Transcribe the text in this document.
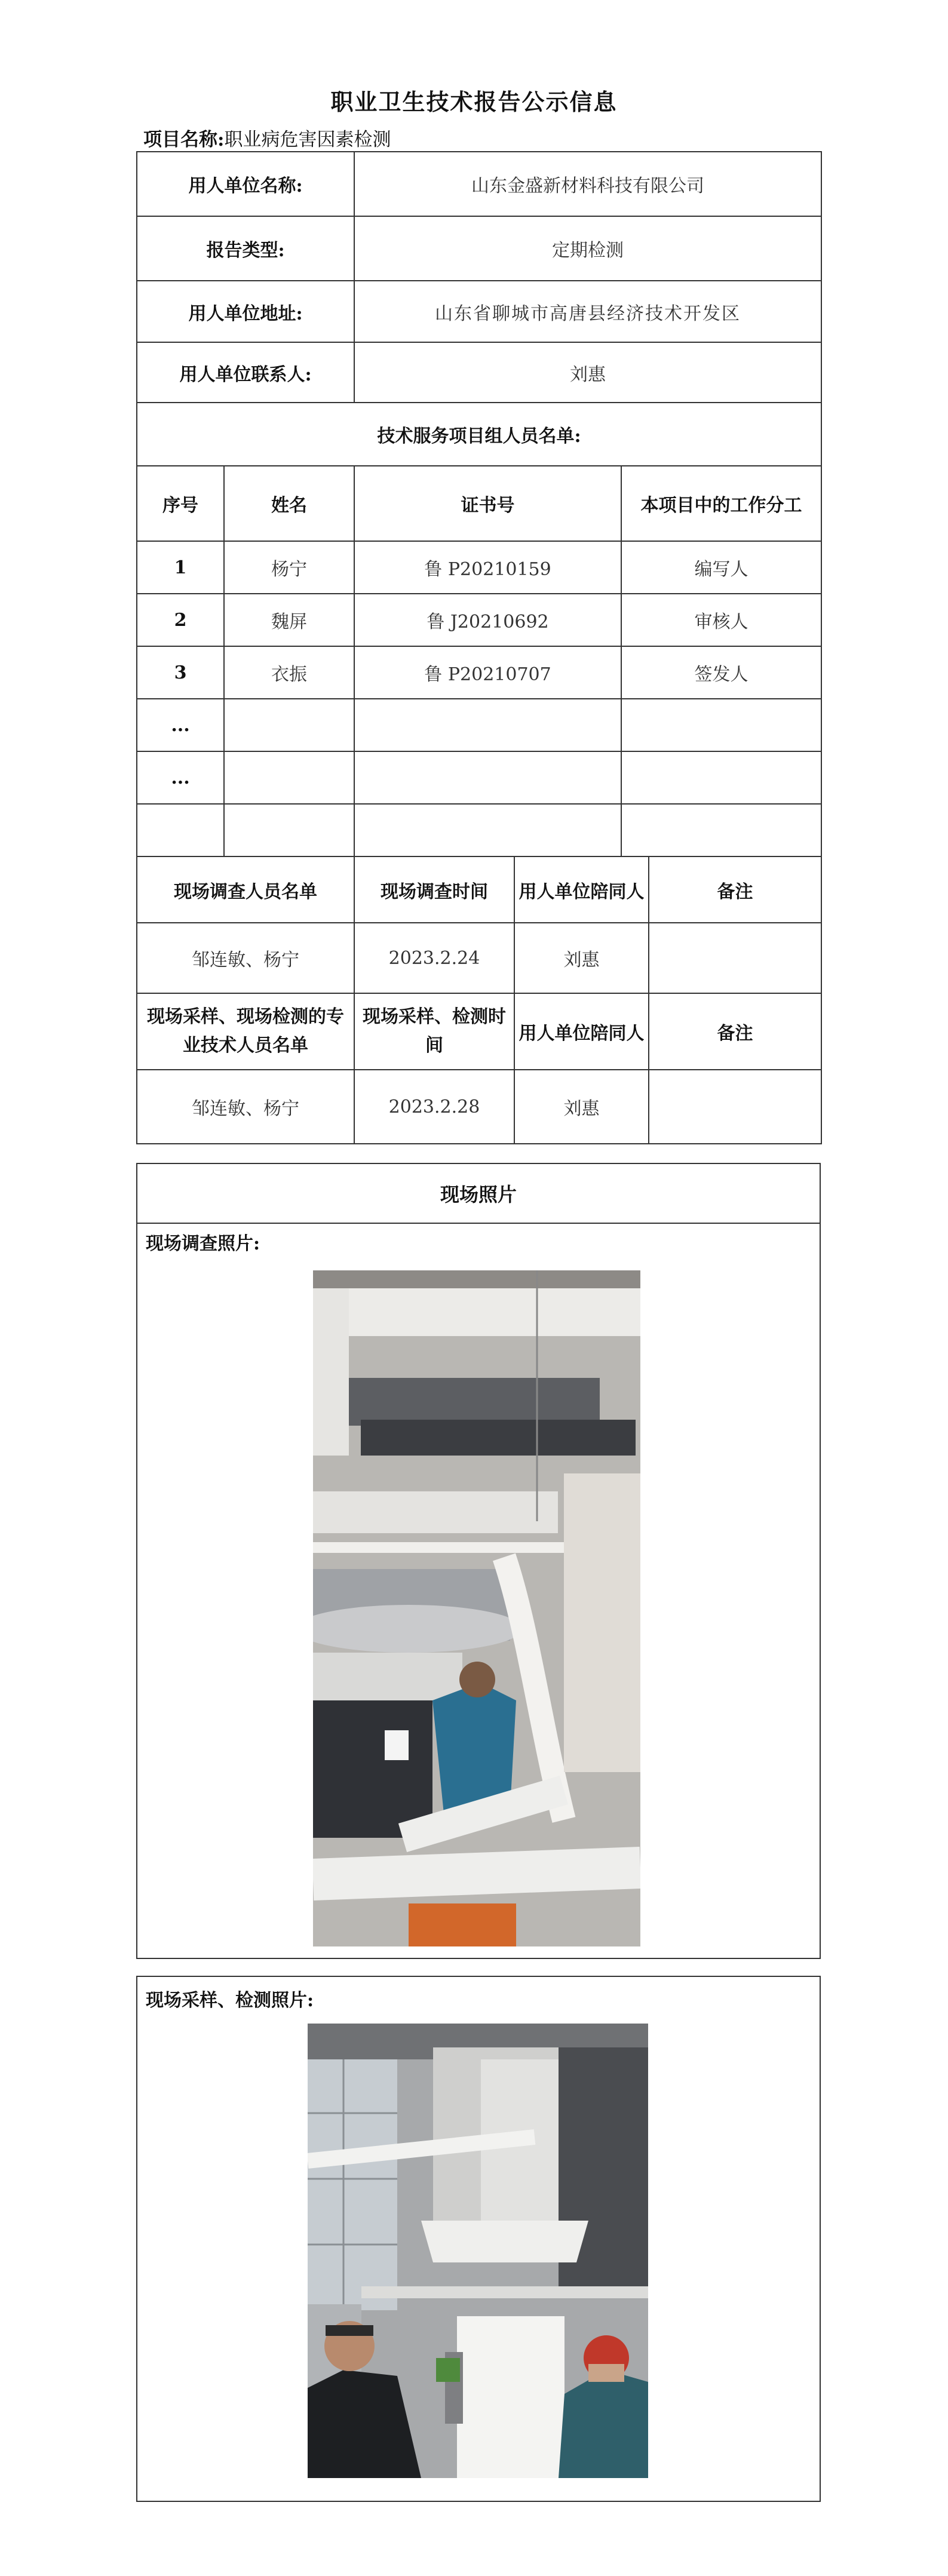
职业卫生技术报告公示信息
项目名称:职业病危害因素检测
用人单位名称:		山东金盛新材料科技有限公司			
报告类型:		定期检测			
用人单位地址:		山东省聊城市高唐县经济技术开发区			
用人单位联系人:		刘惠			
技术服务项目组人员名单:					
序号	姓名	证书号		本项目中的工作分工	
1	杨宁	鲁 P20210159		编写人	
2	魏屏	鲁 J20210692		审核人	
3	衣振	鲁 P20210707		签发人	
...					
...					

现场调查人员名单		现场调查时间	用人单位陪同人		备注
邹连敏、杨宁		2023.2.24	刘惠		
现场采样、现场检测的专业技术人员名单		现场采样、检测时间	用人单位陪同人		备注
邹连敏、杨宁		2023.2.28	刘惠		
现场照片
现场调查照片:
现场采样、检测照片:
